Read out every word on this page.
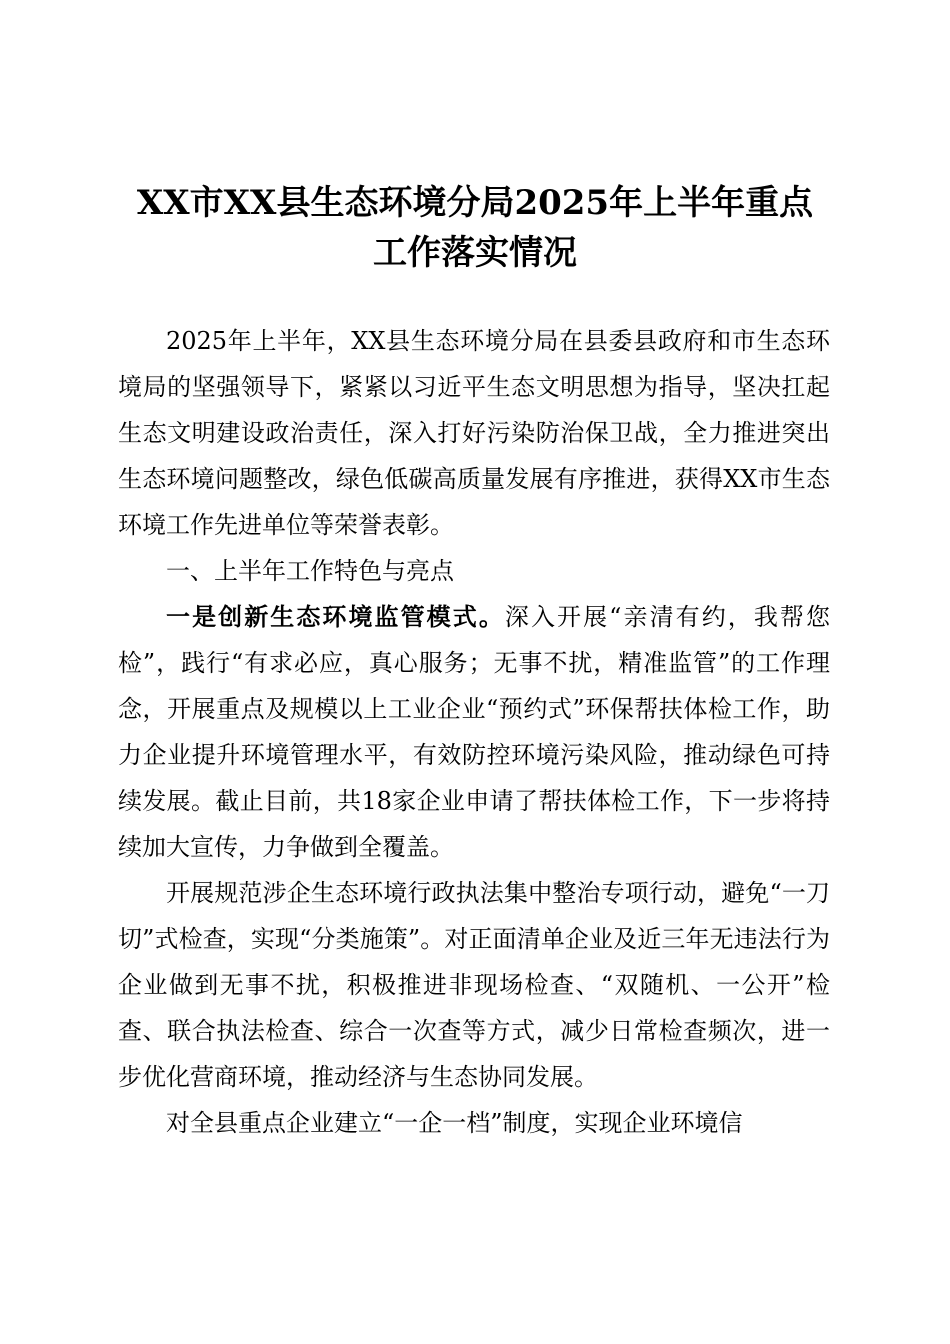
XX市XX县生态环境分局2025年上半年重点
工作落实情况

2025年上半年，XX县生态环境分局在县委县政府和市生态环境局的坚强领导下，紧紧以习近平生态文明思想为指导，坚决扛起生态文明建设政治责任，深入打好污染防治保卫战，全力推进突出生态环境问题整改，绿色低碳高质量发展有序推进，获得XX市生态环境工作先进单位等荣誉表彰。

一、上半年工作特色与亮点

一是创新生态环境监管模式。深入开展“亲清有约，我帮您检”，践行“有求必应，真心服务；无事不扰，精准监管”的工作理念，开展重点及规模以上工业企业“预约式”环保帮扶体检工作，助力企业提升环境管理水平，有效防控环境污染风险，推动绿色可持续发展。截止目前，共18家企业申请了帮扶体检工作，下一步将持续加大宣传，力争做到全覆盖。

开展规范涉企生态环境行政执法集中整治专项行动，避免“一刀切”式检查，实现“分类施策”。对正面清单企业及近三年无违法行为企业做到无事不扰，积极推进非现场检查、“双随机、一公开”检查、联合执法检查、综合一次查等方式，减少日常检查频次，进一步优化营商环境，推动经济与生态协同发展。

对全县重点企业建立“一企一档”制度，实现企业环境信
